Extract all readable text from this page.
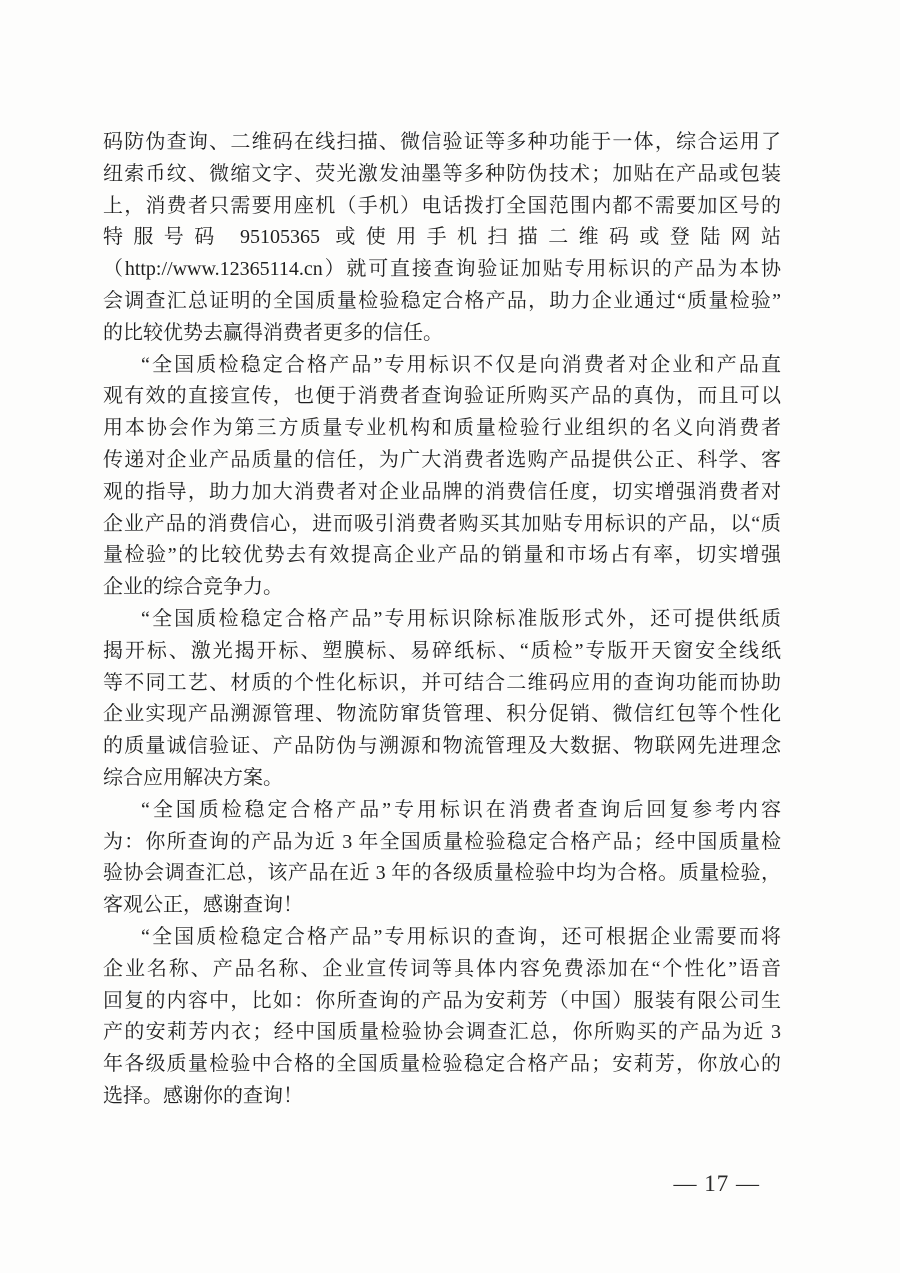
码防伪查询、二维码在线扫描、微信验证等多种功能于一体，综合运用了
纽索币纹、微缩文字、荧光激发油墨等多种防伪技术；加贴在产品或包装
上，消费者只需要用座机（手机）电话拨打全国范围内都不需要加区号的
特服号码 95105365 或使用手机扫描二维码或登陆网站
（http://www.12365114.cn）就可直接查询验证加贴专用标识的产品为本协
会调查汇总证明的全国质量检验稳定合格产品，助力企业通过“质量检验”
的比较优势去赢得消费者更多的信任。
“全国质检稳定合格产品”专用标识不仅是向消费者对企业和产品直
观有效的直接宣传，也便于消费者查询验证所购买产品的真伪，而且可以
用本协会作为第三方质量专业机构和质量检验行业组织的名义向消费者
传递对企业产品质量的信任，为广大消费者选购产品提供公正、科学、客
观的指导，助力加大消费者对企业品牌的消费信任度，切实增强消费者对
企业产品的消费信心，进而吸引消费者购买其加贴专用标识的产品，以“质
量检验”的比较优势去有效提高企业产品的销量和市场占有率，切实增强
企业的综合竞争力。
“全国质检稳定合格产品”专用标识除标准版形式外，还可提供纸质
揭开标、激光揭开标、塑膜标、易碎纸标、“质检”专版开天窗安全线纸
等不同工艺、材质的个性化标识，并可结合二维码应用的查询功能而协助
企业实现产品溯源管理、物流防窜货管理、积分促销、微信红包等个性化
的质量诚信验证、产品防伪与溯源和物流管理及大数据、物联网先进理念
综合应用解决方案。
“全国质检稳定合格产品”专用标识在消费者查询后回复参考内容
为：你所查询的产品为近 3 年全国质量检验稳定合格产品；经中国质量检
验协会调查汇总，该产品在近 3 年的各级质量检验中均为合格。质量检验，
客观公正，感谢查询！
“全国质检稳定合格产品”专用标识的查询，还可根据企业需要而将
企业名称、产品名称、企业宣传词等具体内容免费添加在“个性化”语音
回复的内容中，比如：你所查询的产品为安莉芳（中国）服装有限公司生
产的安莉芳内衣；经中国质量检验协会调查汇总，你所购买的产品为近 3
年各级质量检验中合格的全国质量检验稳定合格产品；安莉芳，你放心的
选择。感谢你的查询！
— 17 —
